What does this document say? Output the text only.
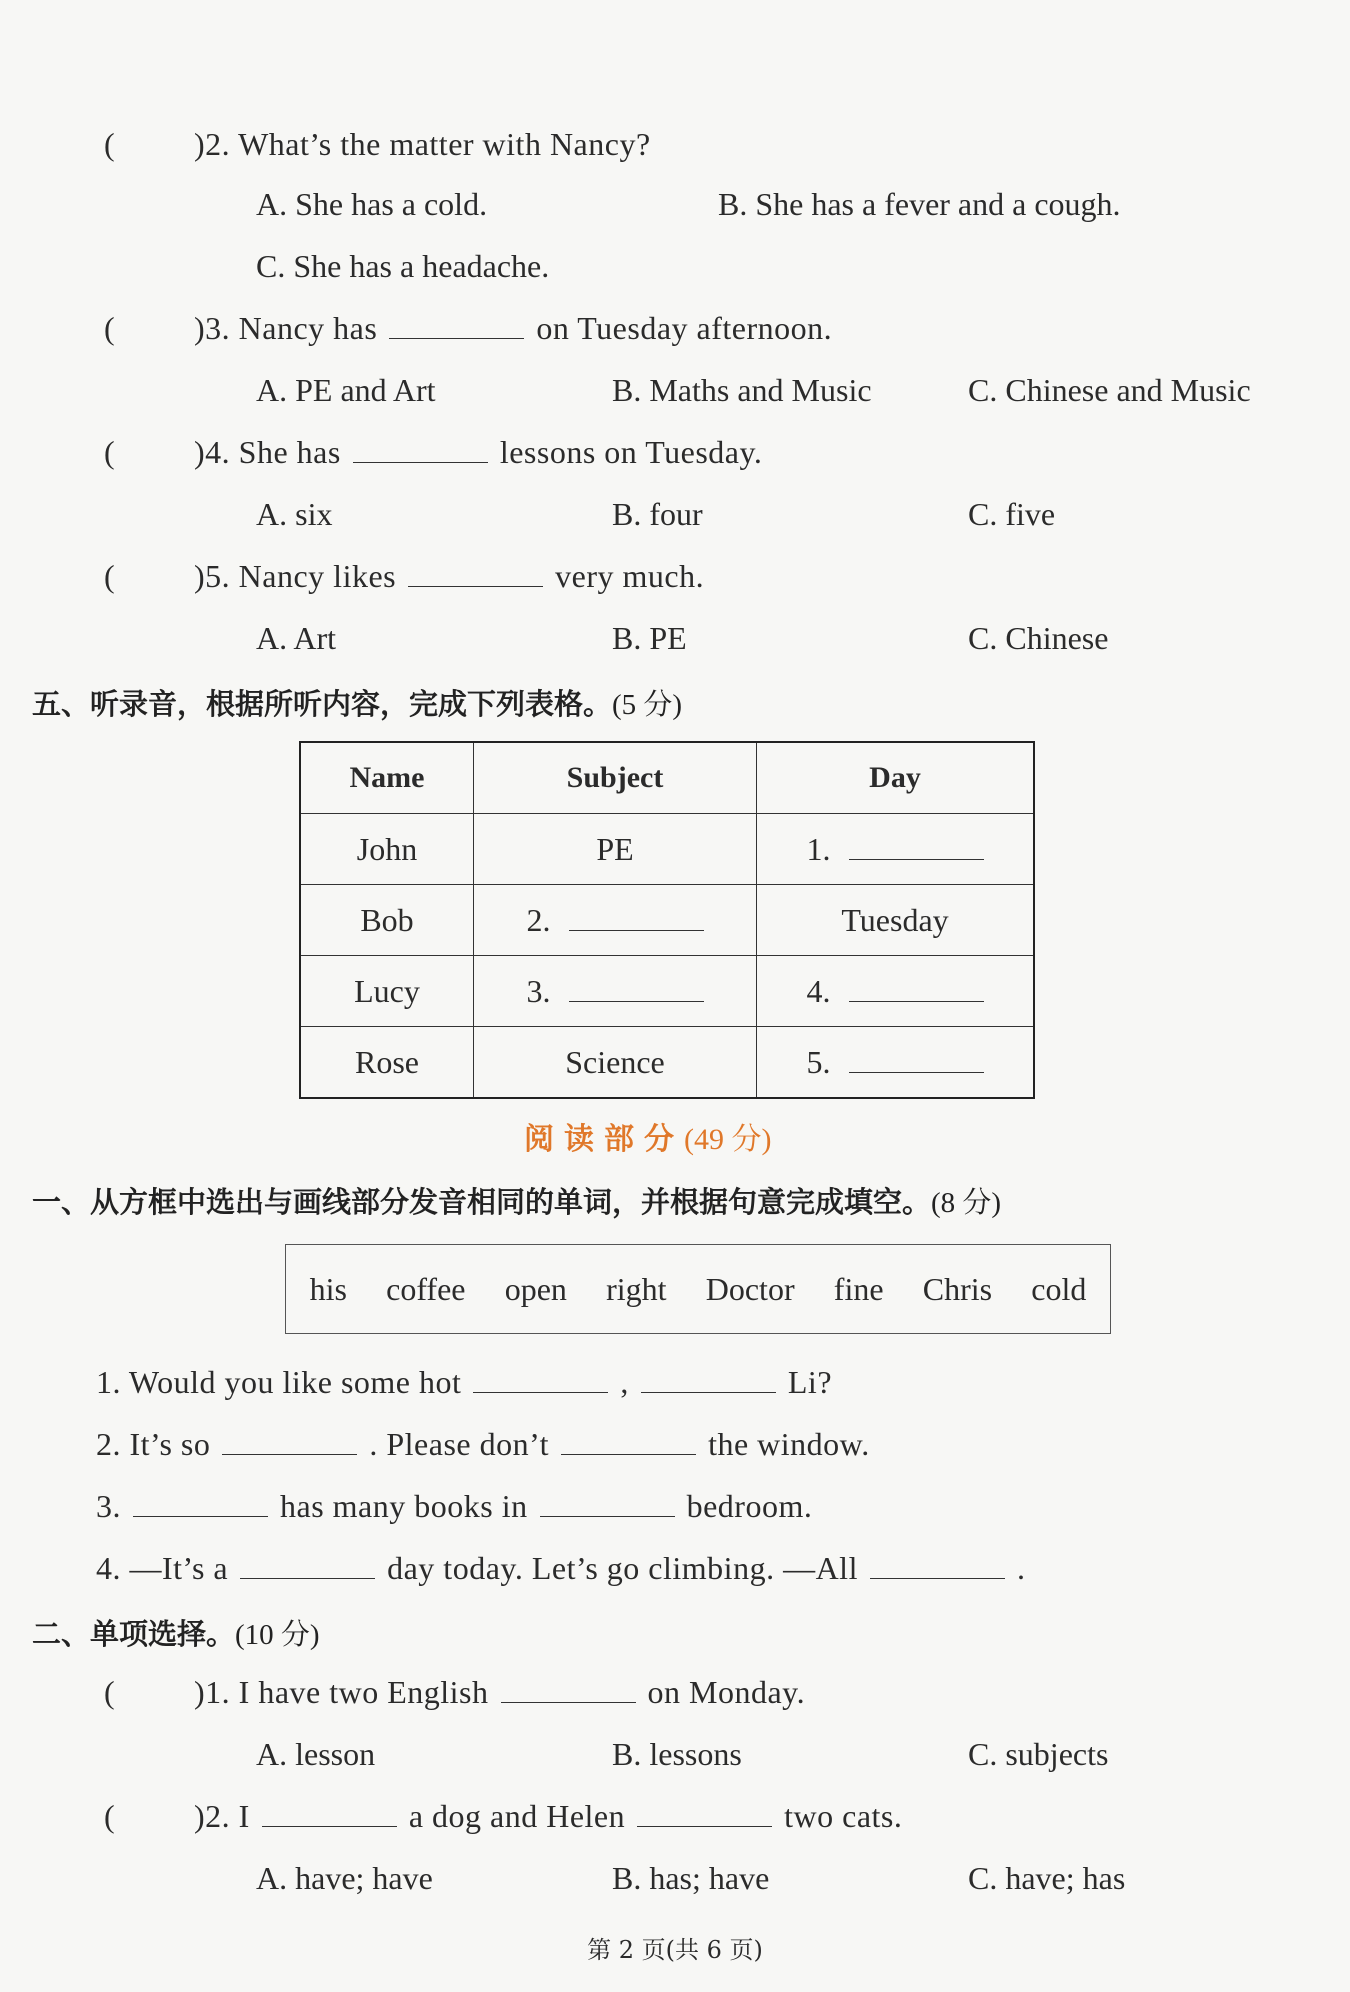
( )2. What’s the matter with Nancy?
A. She has a cold.	B. She has a fever and a cough.
C. She has a headache.
( )3. Nancy has	on Tuesday afternoon.
A. PE and Art	B. Maths and Music	C. Chinese and Music
( )4. She has	lessons on Tuesday.
A. six	B. four	C. five
( )5. Nancy likes	very much.
A. Art	B. PE	C. Chinese
五、听录音，根据所听内容，完成下列表格。(5 分)
Name	Subject	Day
John	PE	1.
Bob	2.	Tuesday
Lucy	3.	4.
Rose	Science	5.
阅读部分(49 分)
一、从方框中选出与画线部分发音相同的单词，并根据句意完成填空。(8 分)
his coffee open right Doctor fine Chris cold
1. Would you like some hot	,	Li?
2. It’s so	. Please don’t	the window.
3.	has many books in	bedroom.
4. —It’s a	day today. Let’s go climbing. —All	.
二、单项选择。(10 分)
( )1. I have two English	on Monday.
A. lesson	B. lessons	C. subjects
( )2. I	a dog and Helen	two cats.
A. have; have	B. has; have	C. have; has
第 2 页(共 6 页)
